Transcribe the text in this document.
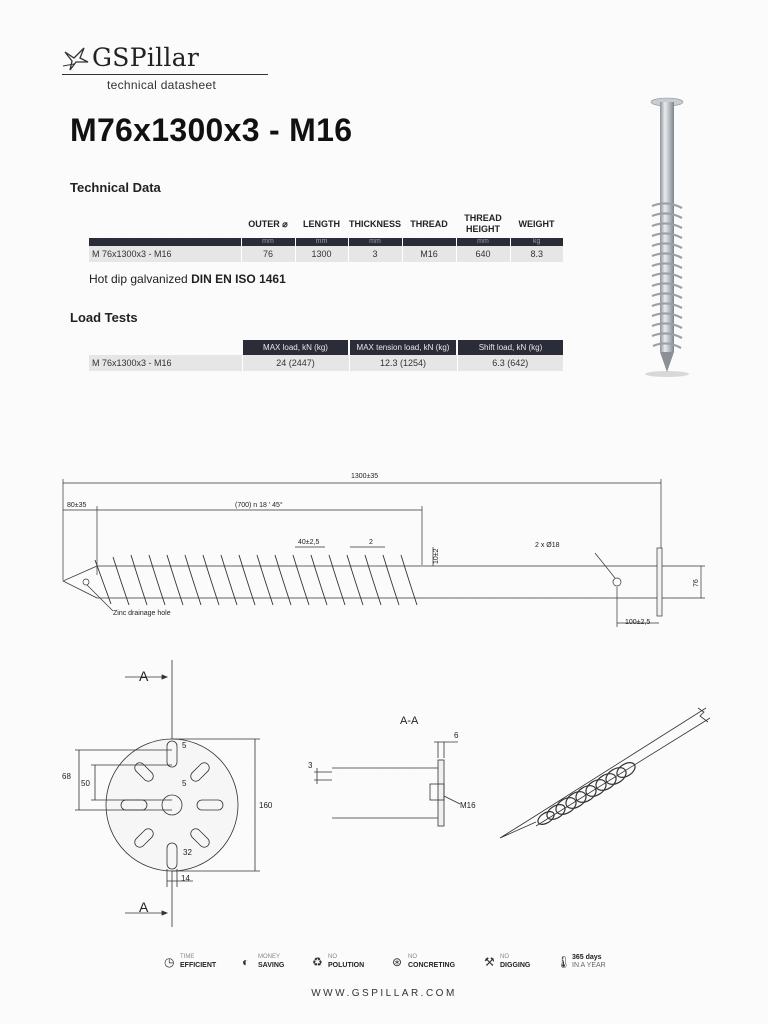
GSPillar
technical datasheet
M76x1300x3 - M16
Technical Data
	OUTER ⌀	LENGTH	THICKNESS	THREAD	THREAD HEIGHT	WEIGHT
	mm	mm	mm		mm	kg
M 76x1300x3 - M16	76	1300	3	M16	640	8.3
Hot dip galvanized DIN EN ISO 1461
Load Tests
	MAX load, kN (kg)	MAX tension load, kN (kg)	Shift load, kN (kg)
M 76x1300x3 - M16	24 (2447)	12.3 (1254)	6.3 (642)
1300±35
80±35	(700) n 18 ' 45°
40±2,5	2
10±2
2 x Ø18
76
100±2,5
Zinc drainage hole
A
A
68
50
5
5
160
32
14
A-A
6
3
M16
◷ TIME
EFFICIENT ◐	MONEY
SAVING ♻ NO
POLUTION ⊛ NO
CONCRETING ⚒ NO
DIGGING 🌡 365 days
IN A YEAR
WWW.GSPILLAR.COM
